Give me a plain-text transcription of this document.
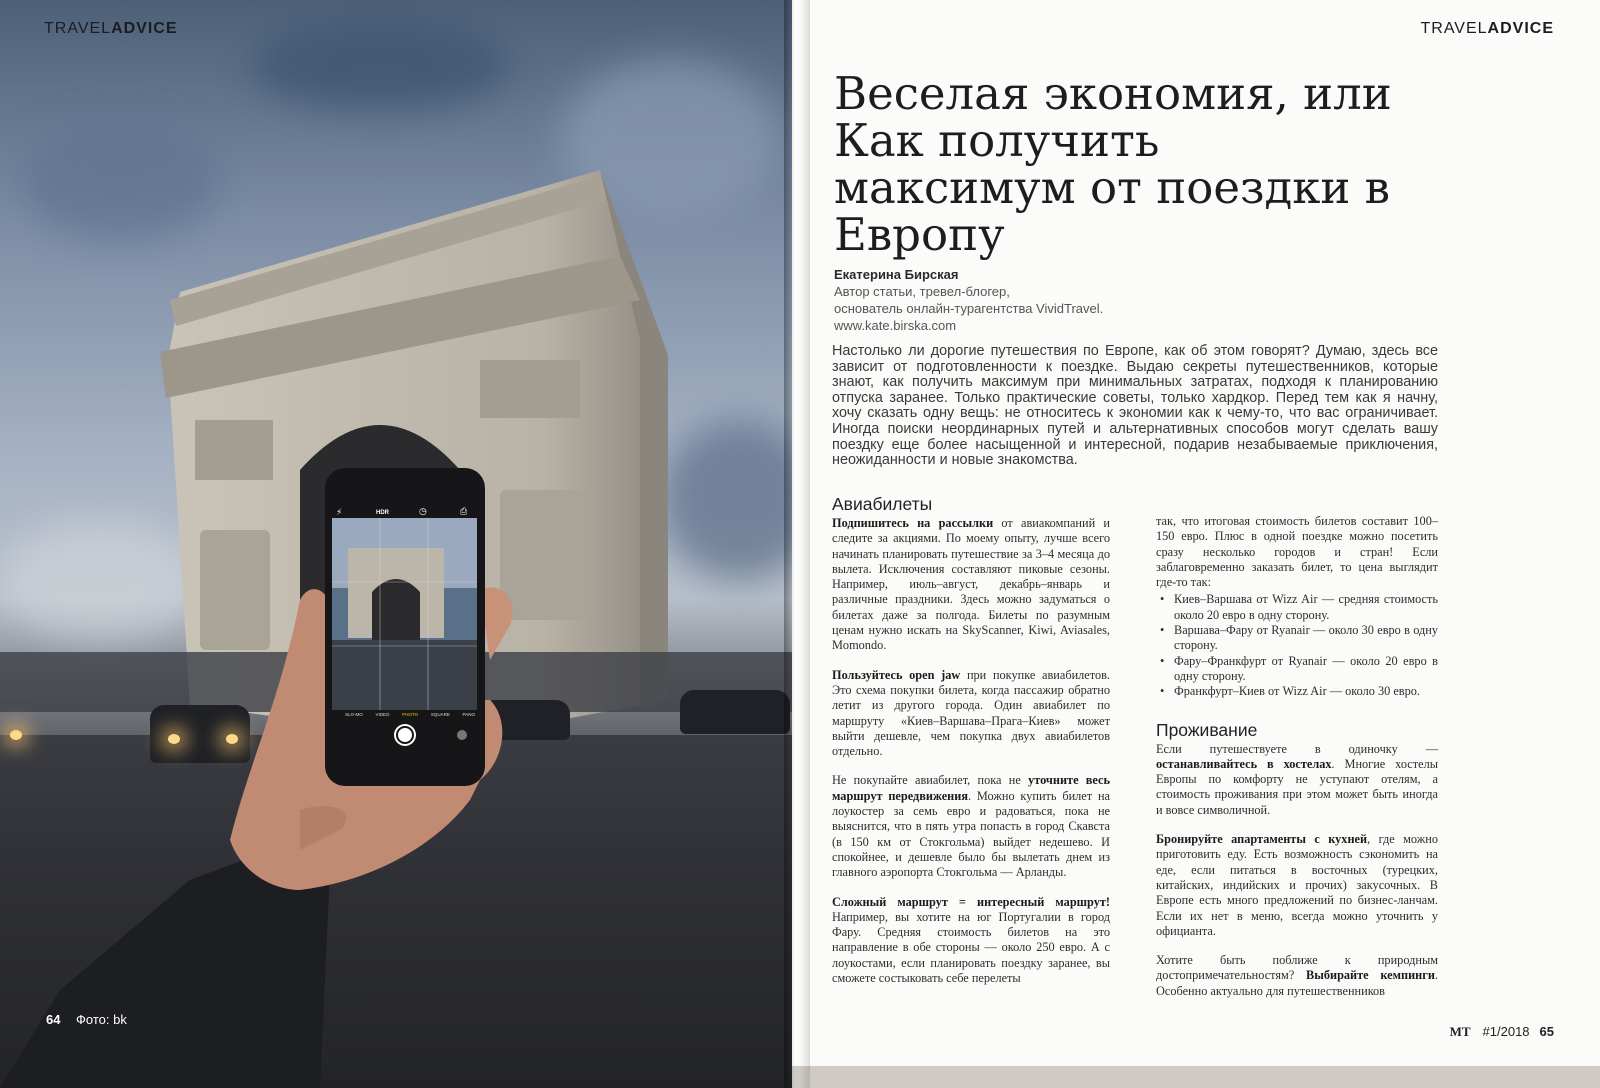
⚡	HDR	◷	⎙
SLO-MO	VIDEO	PHOTO	SQUARE	PANO
TRAVELADVICE
64 Фото: bk
TRAVELADVICE
Веселая экономия, или Как получить максимум от поездки в Европу
Екатерина Бирская
Автор статьи, тревел-блогер,
основатель онлайн-турагентства VividTravel.
www.kate.birska.com

Настолько ли дорогие путешествия по Европе, как об этом говорят? Думаю, здесь все зависит от подготовленности к поездке. Выдаю секреты путешественников, которые знают, как получить максимум при минимальных затратах, подходя к планированию отпуска заранее. Только практические советы, только хардкор. Перед тем как я начну, хочу сказать одну вещь: не относитесь к экономии как к чему-то, что вас ограничивает. Иногда поиски неординарных путей и альтернативных способов могут сделать вашу поездку еще более насыщенной и интересной, подарив незабываемые приключения, неожиданности и новые знакомства.

Авиабилеты

Подпишитесь на рассылки от авиакомпаний и следите за акциями. По моему опыту, лучше всего начинать планировать путешествие за 3–4 месяца до вылета. Исключения составляют пиковые сезоны. Например, июль–август, декабрь–январь и различные праздники. Здесь можно задуматься о билетах даже за полгода. Билеты по разумным ценам нужно искать на SkyScanner, Kiwi, Aviasales, Momondo.

Пользуйтесь open jaw при покупке авиабилетов. Это схема покупки билета, когда пассажир обратно летит из другого города. Один авиабилет по маршруту «Киев–Варшава–Прага–Киев» может выйти дешевле, чем покупка двух авиабилетов отдельно.

Не покупайте авиабилет, пока не уточните весь маршрут передвижения. Можно купить билет на лоукостер за семь евро и радоваться, пока не выяснится, что в пять утра попасть в город Скавста (в 150 км от Стокгольма) выйдет недешево. И спокойнее, и дешевле было бы вылетать днем из главного аэропорта Стокгольма — Арланды.

Сложный маршрут = интересный маршрут! Например, вы хотите на юг Португалии в город Фару. Средняя стоимость билетов на это направление в обе стороны — около 250 евро. А с лоукостами, если планировать поездку заранее, вы сможете состыковать себе перелеты

так, что итоговая стоимость билетов составит 100–150 евро. Плюс в одной поездке можно посетить сразу несколько городов и стран! Если заблаговременно заказать билет, то цена выглядит где-то так:

• Киев–Варшава от Wizz Air — средняя стоимость около 20 евро в одну сторону.
• Варшава–Фару от Ryanair — около 30 евро в одну сторону.
• Фару–Франкфурт от Ryanair — около 20 евро в одну сторону.
• Франкфурт–Киев от Wizz Air — около 30 евро.
Проживание

Если путешествуете в одиночку — останавливайтесь в хостелах. Многие хостелы Европы по комфорту не уступают отелям, а стоимость проживания при этом может быть иногда и вовсе символичной.

Бронируйте апартаменты с кухней, где можно приготовить еду. Есть возможность сэкономить на еде, если питаться в восточных (турецких, китайских, индийских и прочих) закусочных. В Европе есть много предложений по бизнес-ланчам. Если их нет в меню, всегда можно уточнить у официанта.

Хотите быть поближе к природным достопримечательностям? Выбирайте кемпинги. Особенно актуально для путешественников

MT #1/2018 65
